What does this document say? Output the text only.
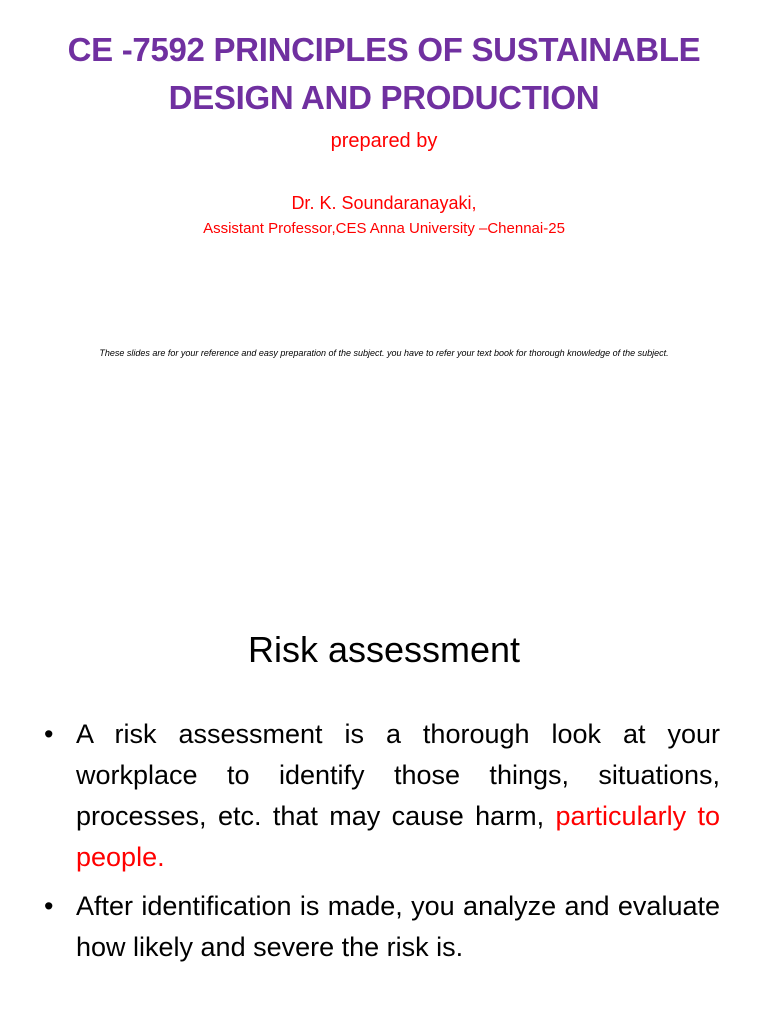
CE -7592 PRINCIPLES OF SUSTAINABLE DESIGN AND PRODUCTION
prepared by
Dr. K. Soundaranayaki,
Assistant Professor,CES Anna University –Chennai-25
These slides are for your reference and easy preparation of the subject. you have to refer your text book for thorough knowledge of the subject.
Risk assessment
• A risk assessment is a thorough look at your workplace to identify those things, situations, processes, etc. that may cause harm, particularly to people.
• After identification is made, you analyze and evaluate how likely and severe the risk is.
